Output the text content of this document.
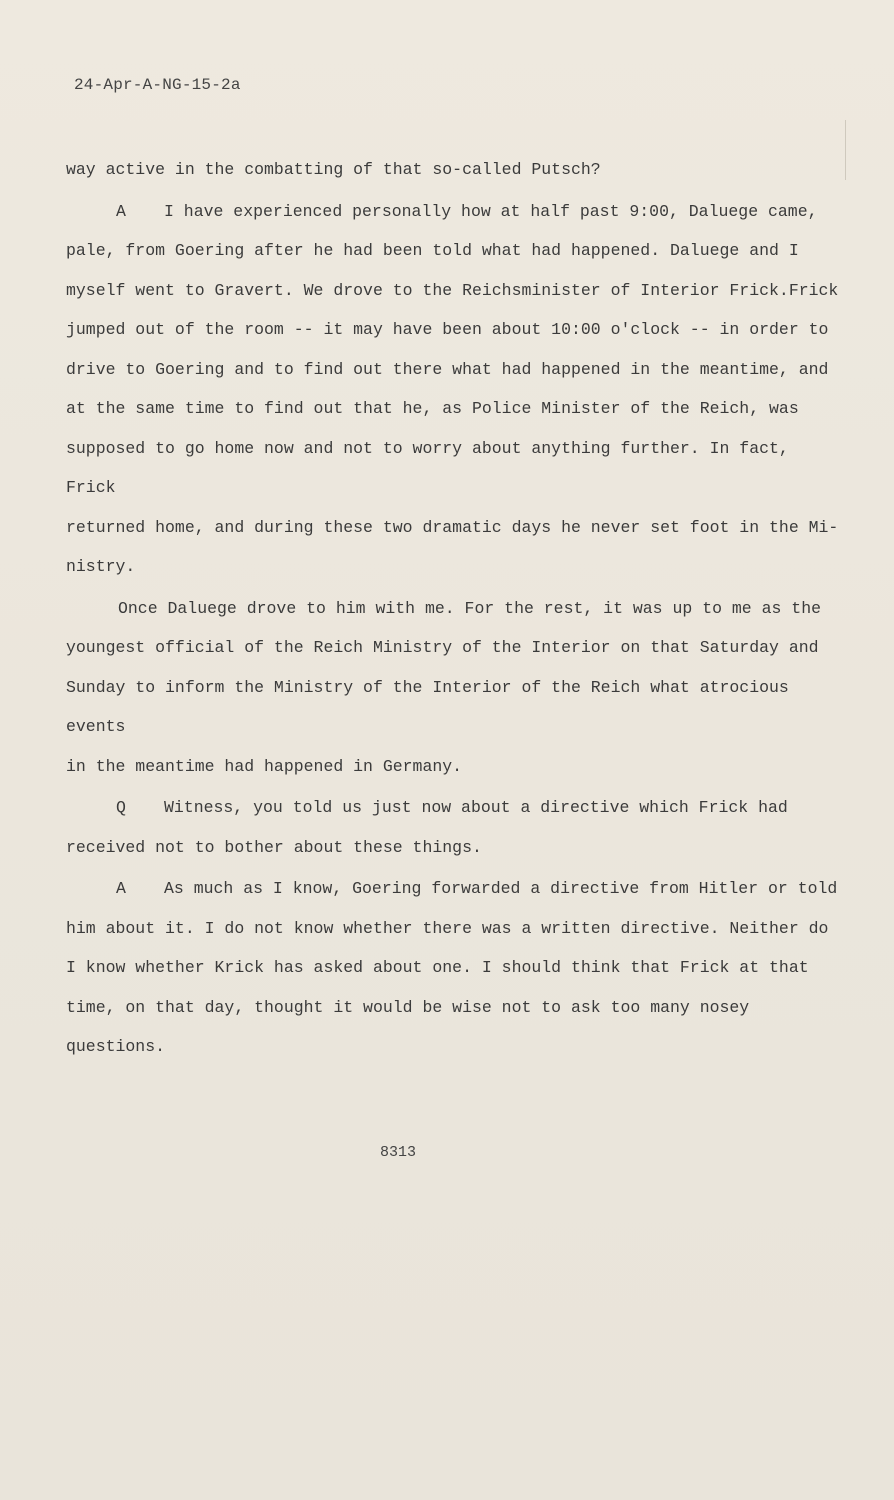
24-Apr-A-NG-15-2a
way active in the combatting of that so-called Putsch?
A I have experienced personally how at half past 9:00, Daluege came,
pale, from Goering after he had been told what had happened. Daluege and I
myself went to Gravert. We drove to the Reichsminister of Interior Frick.Frick
jumped out of the room -- it may have been about 10:00 o'clock -- in order to
drive to Goering and to find out there what had happened in the meantime, and
at the same time to find out that he, as Police Minister of the Reich, was
supposed to go home now and not to worry about anything further. In fact, Frick
returned home, and during these two dramatic days he never set foot in the Mi-
nistry.
Once Daluege drove to him with me. For the rest, it was up to me as the
youngest official of the Reich Ministry of the Interior on that Saturday and
Sunday to inform the Ministry of the Interior of the Reich what atrocious events
in the meantime had happened in Germany.
Q Witness, you told us just now about a directive which Frick had
received not to bother about these things.
A As much as I know, Goering forwarded a directive from Hitler or told
him about it. I do not know whether there was a written directive. Neither do
I know whether Krick has asked about one. I should think that Frick at that
time, on that day, thought it would be wise not to ask too many nosey questions.
8313
